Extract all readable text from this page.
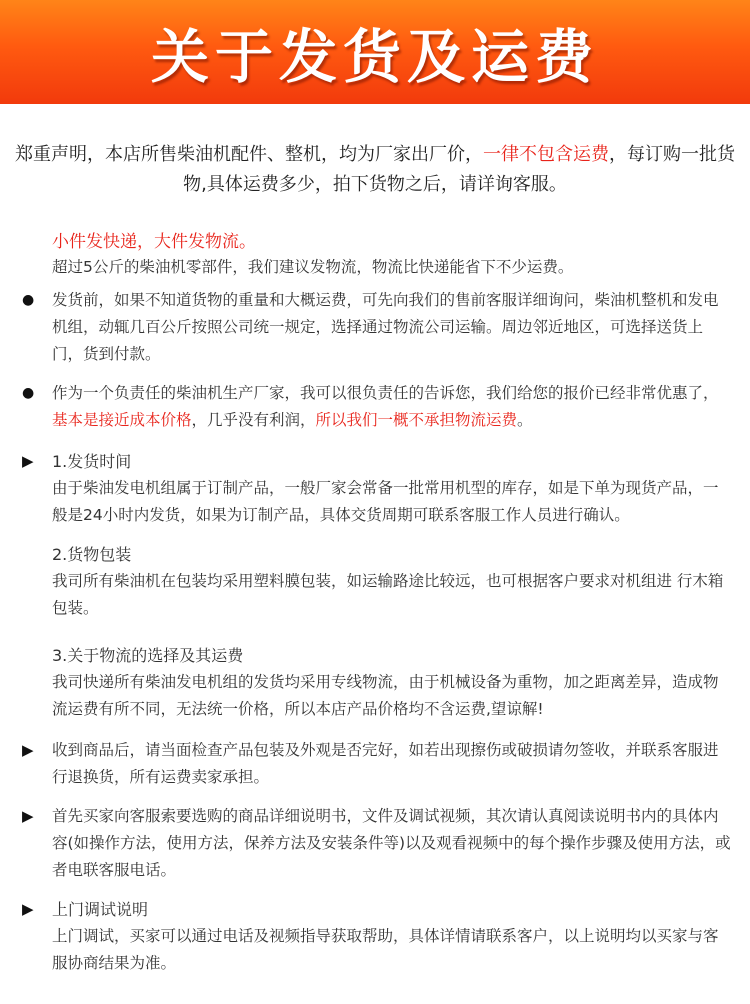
关于发货及运费
郑重声明，本店所售柴油机配件、整机，均为厂家出厂价，一律不包含运费，每订购一批货物,具体运费多少，拍下货物之后，请详询客服。
小件发快递，大件发物流。
超过5公斤的柴油机零部件，我们建议发物流，物流比快递能省下不少运费。
●	发货前，如果不知道货物的重量和大概运费，可先向我们的售前客服详细询问，柴油机整机和发电机组，动辄几百公斤按照公司统一规定，选择通过物流公司运输。周边邻近地区，可选择送货上门，货到付款。
●	作为一个负责任的柴油机生产厂家，我可以很负责任的告诉您，我们给您的报价已经非常优惠了，基本是接近成本价格，几乎没有利润，所以我们一概不承担物流运费。
▶	1.发货时间
由于柴油发电机组属于订制产品，一般厂家会常备一批常用机型的库存，如是下单为现货产品，一般是24小时内发货，如果为订制产品，具体交货周期可联系客服工作人员进行确认。
2.货物包装
我司所有柴油机在包装均采用塑料膜包装，如运输路途比较远，也可根据客户要求对机组进 行木箱包装。
3.关于物流的选择及其运费
我司快递所有柴油发电机组的发货均采用专线物流，由于机械设备为重物，加之距离差异，造成物流运费有所不同，无法统一价格，所以本店产品价格均不含运费,望谅解!
▶	收到商品后，请当面检查产品包装及外观是否完好，如若出现擦伤或破损请勿签收，并联系客服进行退换货，所有运费卖家承担。
▶	首先买家向客服索要选购的商品详细说明书，文件及调试视频，其次请认真阅读说明书内的具体内容(如操作方法，使用方法，保养方法及安装条件等)以及观看视频中的每个操作步骤及使用方法，或者电联客服电话。
▶	上门调试说明
上门调试，买家可以通过电话及视频指导获取帮助，具体详情请联系客户，以上说明均以买家与客服协商结果为准。
